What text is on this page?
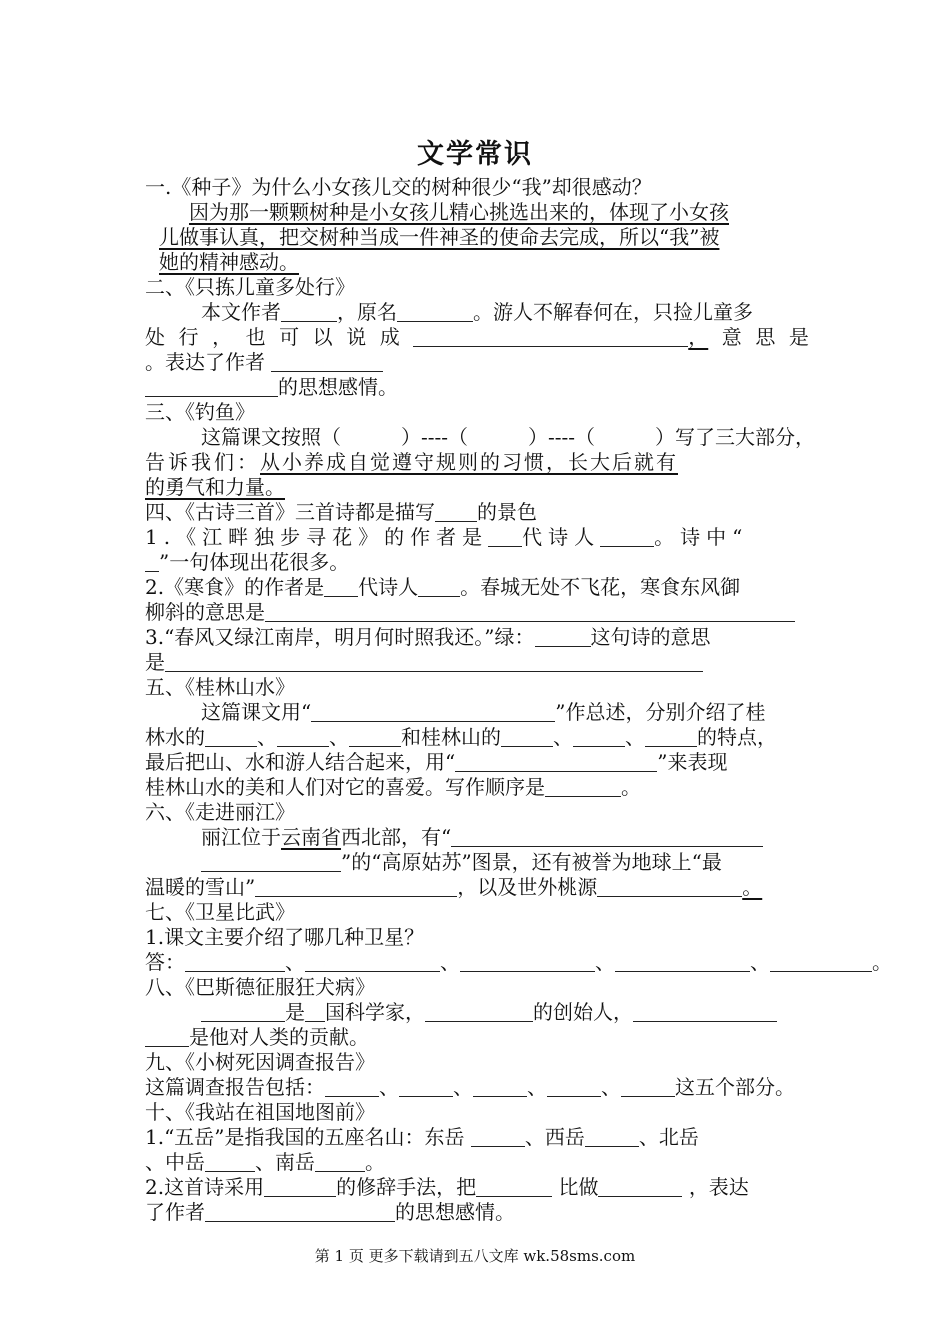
文学常识
一.《种子》为什么小女孩儿交的树种很少“我”却很感动？
因为那一颗颗树种是小女孩儿精心挑选出来的，体现了小女孩
儿做事认真，把交树种当成一件神圣的使命去完成，所以“我”被
她的精神感动。
二、《只拣儿童多处行》
本文作者	，原名	。游人不解春何在，只捡儿童多
处 行 ， 也 可 以 说 成	， 意 思 是
。表达了作者
的思想感情。
三、《钓鱼》
这篇课文按照（　　　）----（　　　）----（　　　）写了三大部分，
告诉我们：从小养成自觉遵守规则的习惯，长大后就有
的勇气和力量。
四、《古诗三首》三首诗都是描写 的景色
1.《江畔独步寻花》的作者是 代诗人	。诗中“
”一句体现出花很多。
2.《寒食》的作者是 代诗人 。春城无处不飞花，寒食东风御
柳斜的意思是
3.“春风又绿江南岸，明月何时照我还。”绿：	这句诗的意思
是
五、《桂林山水》
这篇课文用“	”作总述，分别介绍了桂
林水的	、	、	和桂林山的	、	、	的特点，
最后把山、水和游人结合起来，用“	”来表现
桂林山水的美和人们对它的喜爱。写作顺序是	。
六、《走进丽江》
丽江位于云南省西北部，有“
”的“高原姑苏”图景，还有被誉为地球上“最
温暖的雪山”	，以及世外桃源	。
七、《卫星比武》
1.课文主要介绍了哪几种卫星？
答：	、	、	、	、	。
八、《巴斯德征服狂犬病》
是 国科学家，	的创始人，
是他对人类的贡献。
九、《小树死因调查报告》
这篇调查报告包括：	、	、	、	、	这五个部分。
十、《我站在祖国地图前》
1.“五岳”是指我国的五座名山：东岳	、西岳	、北岳
、中岳	、南岳	。
2.这首诗采用	的修辞手法，把	比做	，表达
了作者	的思想感情。
第 1 页 更多下载请到五八文库 wk.58sms.com
